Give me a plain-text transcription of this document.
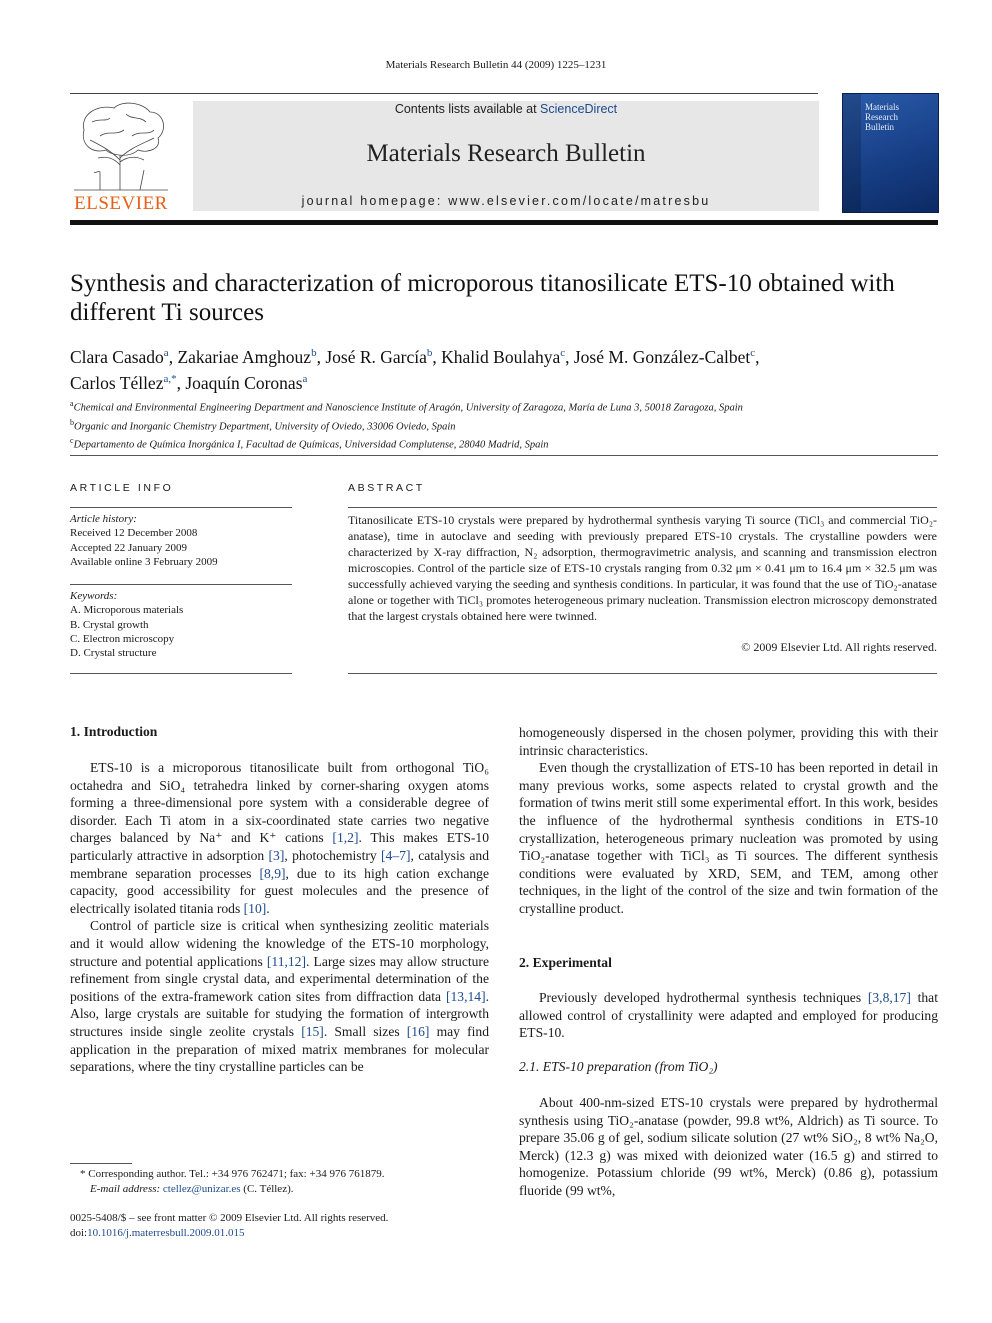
Materials Research Bulletin 44 (2009) 1225–1231
ELSEVIER
Contents lists available at ScienceDirect
Materials Research Bulletin
journal homepage: www.elsevier.com/locate/matresbu
Materials
Research
Bulletin
Synthesis and characterization of microporous titanosilicate ETS-10 obtained with different Ti sources
Clara Casado$^a$, Zakariae Amghouz$^b$, José R. García$^b$, Khalid Boulahya$^c$, José M. González-Calbet$^c$,
Carlos Téllez$^{a,*}$, Joaquín Coronas$^a$
$^a$Chemical and Environmental Engineering Department and Nanoscience Institute of Aragón, University of Zaragoza, María de Luna 3, 50018 Zaragoza, Spain
$^b$Organic and Inorganic Chemistry Department, University of Oviedo, 33006 Oviedo, Spain
$^c$Departamento de Química Inorgánica I, Facultad de Químicas, Universidad Complutense, 28040 Madrid, Spain
ARTICLE INFO
Article history:
Received 12 December 2008
Accepted 22 January 2009
Available online 3 February 2009
Keywords:
A. Microporous materials
B. Crystal growth
C. Electron microscopy
D. Crystal structure
ABSTRACT
Titanosilicate ETS-10 crystals were prepared by hydrothermal synthesis varying Ti source (TiCl₃ and commercial TiO₂-anatase), time in autoclave and seeding with previously prepared ETS-10 crystals. The crystalline powders were characterized by X-ray diffraction, N₂ adsorption, thermogravimetric analysis, and scanning and transmission electron microscopies. Control of the particle size of ETS-10 crystals ranging from 0.32 μm × 0.41 μm to 16.4 μm × 32.5 μm was successfully achieved varying the seeding and synthesis conditions. In particular, it was found that the use of TiO₂-anatase alone or together with TiCl₃ promotes heterogeneous primary nucleation. Transmission electron microscopy demonstrated that the largest crystals obtained here were twinned.
© 2009 Elsevier Ltd. All rights reserved.
1. Introduction

ETS-10 is a microporous titanosilicate built from orthogonal TiO₆ octahedra and SiO₄ tetrahedra linked by corner-sharing oxygen atoms forming a three-dimensional pore system with a considerable degree of disorder. Each Ti atom in a six-coordinated state carries two negative charges balanced by Na⁺ and K⁺ cations [1,2]. This makes ETS-10 particularly attractive in adsorption [3], photochemistry [4–7], catalysis and membrane separation processes [8,9], due to its high cation exchange capacity, good accessibility for guest molecules and the presence of electrically isolated titania rods [10].

Control of particle size is critical when synthesizing zeolitic materials and it would allow widening the knowledge of the ETS-10 morphology, structure and potential applications [11,12]. Large sizes may allow structure refinement from single crystal data, and experimental determination of the positions of the extra-framework cation sites from diffraction data [13,14]. Also, large crystals are suitable for studying the formation of intergrowth structures inside single zeolite crystals [15]. Small sizes [16] may find application in the preparation of mixed matrix membranes for molecular separations, where the tiny crystalline particles can be

homogeneously dispersed in the chosen polymer, providing this with their intrinsic characteristics.

Even though the crystallization of ETS-10 has been reported in detail in many previous works, some aspects related to crystal growth and the formation of twins merit still some experimental effort. In this work, besides the influence of the hydrothermal synthesis conditions in ETS-10 crystallization, heterogeneous primary nucleation was promoted by using TiO₂-anatase together with TiCl₃ as Ti sources. The different synthesis conditions were evaluated by XRD, SEM, and TEM, among other techniques, in the light of the control of the size and twin formation of the crystalline product.

2. Experimental

Previously developed hydrothermal synthesis techniques [3,8,17] that allowed control of crystallinity were adapted and employed for producing ETS-10.

2.1. ETS-10 preparation (from TiO₂)

About 400-nm-sized ETS-10 crystals were prepared by hydrothermal synthesis using TiO₂-anatase (powder, 99.8 wt%, Aldrich) as Ti source. To prepare 35.06 g of gel, sodium silicate solution (27 wt% SiO₂, 8 wt% Na₂O, Merck) (12.3 g) was mixed with deionized water (16.5 g) and stirred to homogenize. Potassium chloride (99 wt%, Merck) (0.86 g), potassium fluoride (99 wt%,

* Corresponding author. Tel.: +34 976 762471; fax: +34 976 761879.
E-mail address: ctellez@unizar.es (C. Téllez).
0025-5408/$ – see front matter © 2009 Elsevier Ltd. All rights reserved.
doi:10.1016/j.materresbull.2009.01.015
